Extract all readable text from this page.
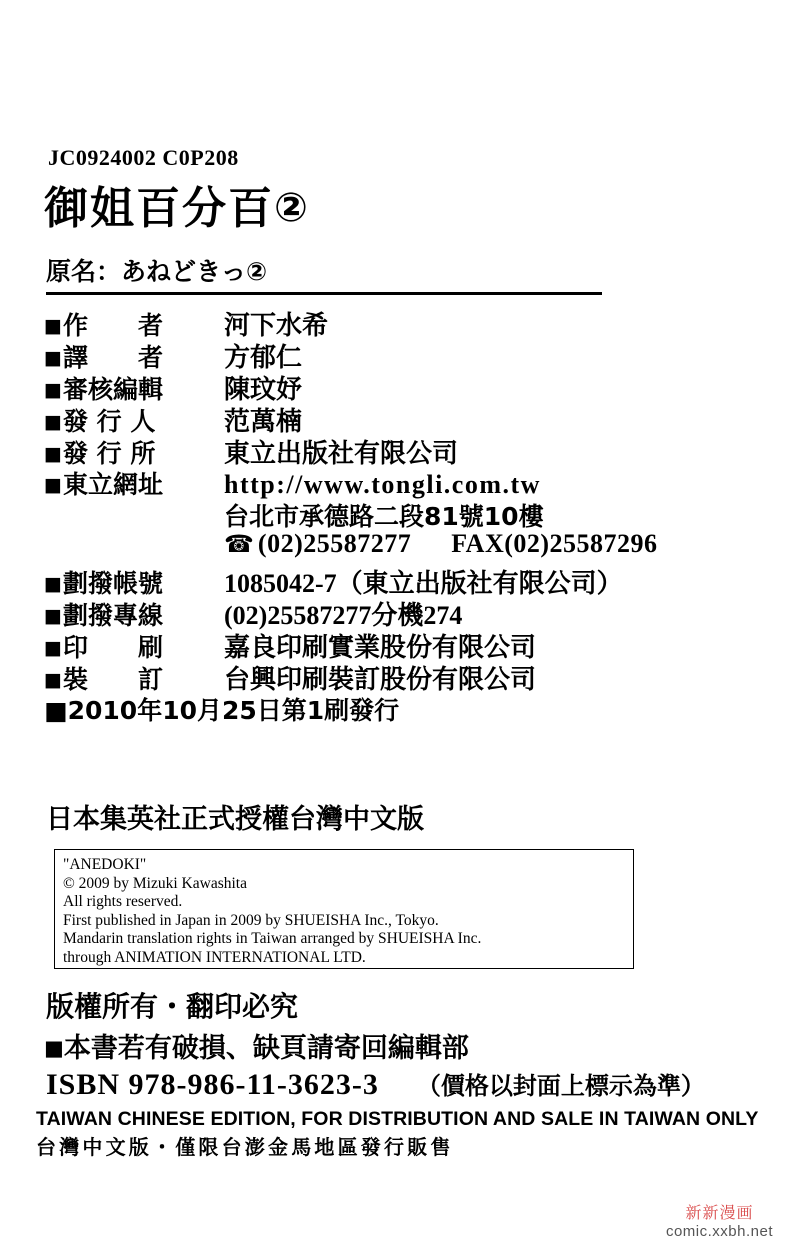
JC0924002 C0P208
御姐百分百②
原名：あねどきっ②
■作　　者	河下水希
■譯　　者	方郁仁
■審核編輯	陳玟妤
■發 行 人	范萬楠
■發 行 所	東立出版社有限公司
■東立網址	http://www.tongli.com.tw
台北市承德路二段81號10樓
☎ (02)25587277 FAX(02)25587296
■劃撥帳號	1085042-7（東立出版社有限公司）
■劃撥專線	(02)25587277分機274
■印　　刷	嘉良印刷實業股份有限公司
■裝　　訂	台興印刷裝訂股份有限公司
■2010年10月25日第1刷發行
日本集英社正式授權台灣中文版
"ANEDOKI"
© 2009 by Mizuki Kawashita
All rights reserved.
First published in Japan in 2009 by SHUEISHA Inc., Tokyo.
Mandarin translation rights in Taiwan arranged by SHUEISHA Inc.
through ANIMATION INTERNATIONAL LTD.
版權所有・翻印必究
■本書若有破損、缺頁請寄回編輯部
ISBN 978-986-11-3623-3 （價格以封面上標示為準）
TAIWAN CHINESE EDITION, FOR DISTRIBUTION AND SALE IN TAIWAN ONLY
台灣中文版・僅限台澎金馬地區發行販售
新新漫画
comic.xxbh.net
